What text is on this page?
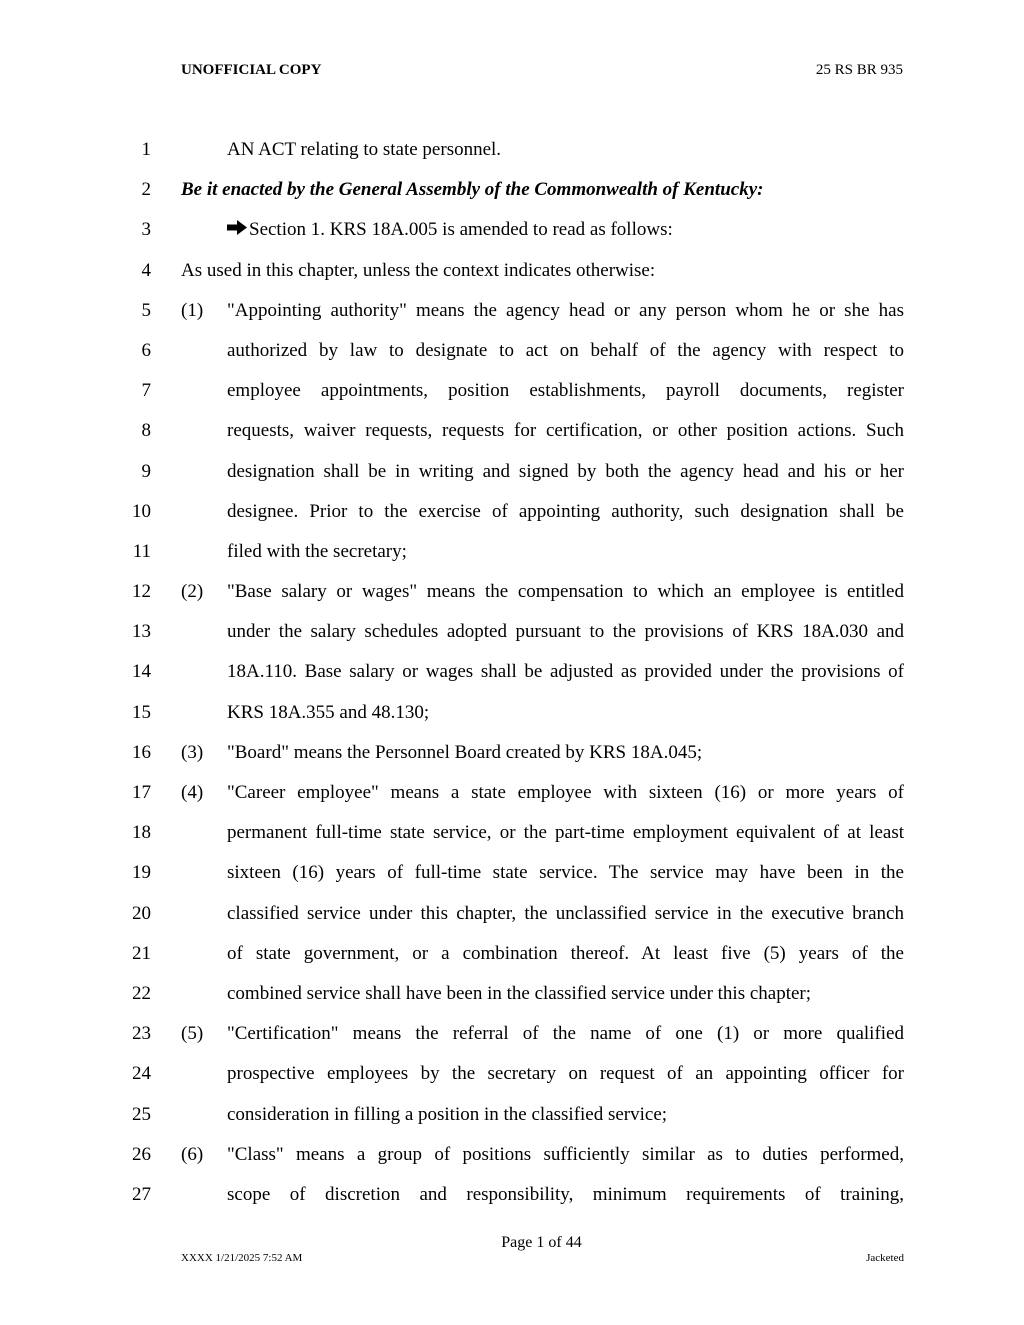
UNOFFICIAL COPY	25 RS BR 935
1	AN ACT relating to state personnel.
2 Be it enacted by the General Assembly of the Commonwealth of Kentucky:
3	Section 1. KRS 18A.005 is amended to read as follows:
4 As used in this chapter, unless the context indicates otherwise:
5 (1) "Appointing authority" means the agency head or any person whom he or she has
6	authorized by law to designate to act on behalf of the agency with respect to
7	employee appointments, position establishments, payroll documents, register
8	requests, waiver requests, requests for certification, or other position actions. Such
9	designation shall be in writing and signed by both the agency head and his or her
10	designee. Prior to the exercise of appointing authority, such designation shall be
11	filed with the secretary;
12 (2) "Base salary or wages" means the compensation to which an employee is entitled
13	under the salary schedules adopted pursuant to the provisions of KRS 18A.030 and
14	18A.110. Base salary or wages shall be adjusted as provided under the provisions of
15	KRS 18A.355 and 48.130;
16 (3) "Board" means the Personnel Board created by KRS 18A.045;
17 (4) "Career employee" means a state employee with sixteen (16) or more years of
18	permanent full-time state service, or the part-time employment equivalent of at least
19	sixteen (16) years of full-time state service. The service may have been in the
20	classified service under this chapter, the unclassified service in the executive branch
21	of state government, or a combination thereof. At least five (5) years of the
22	combined service shall have been in the classified service under this chapter;
23 (5) "Certification" means the referral of the name of one (1) or more qualified
24	prospective employees by the secretary on request of an appointing officer for
25	consideration in filling a position in the classified service;
26 (6) "Class" means a group of positions sufficiently similar as to duties performed,
27	scope of discretion and responsibility, minimum requirements of training,
Page 1 of 44
XXXX 1/21/2025 7:52 AM	Jacketed
